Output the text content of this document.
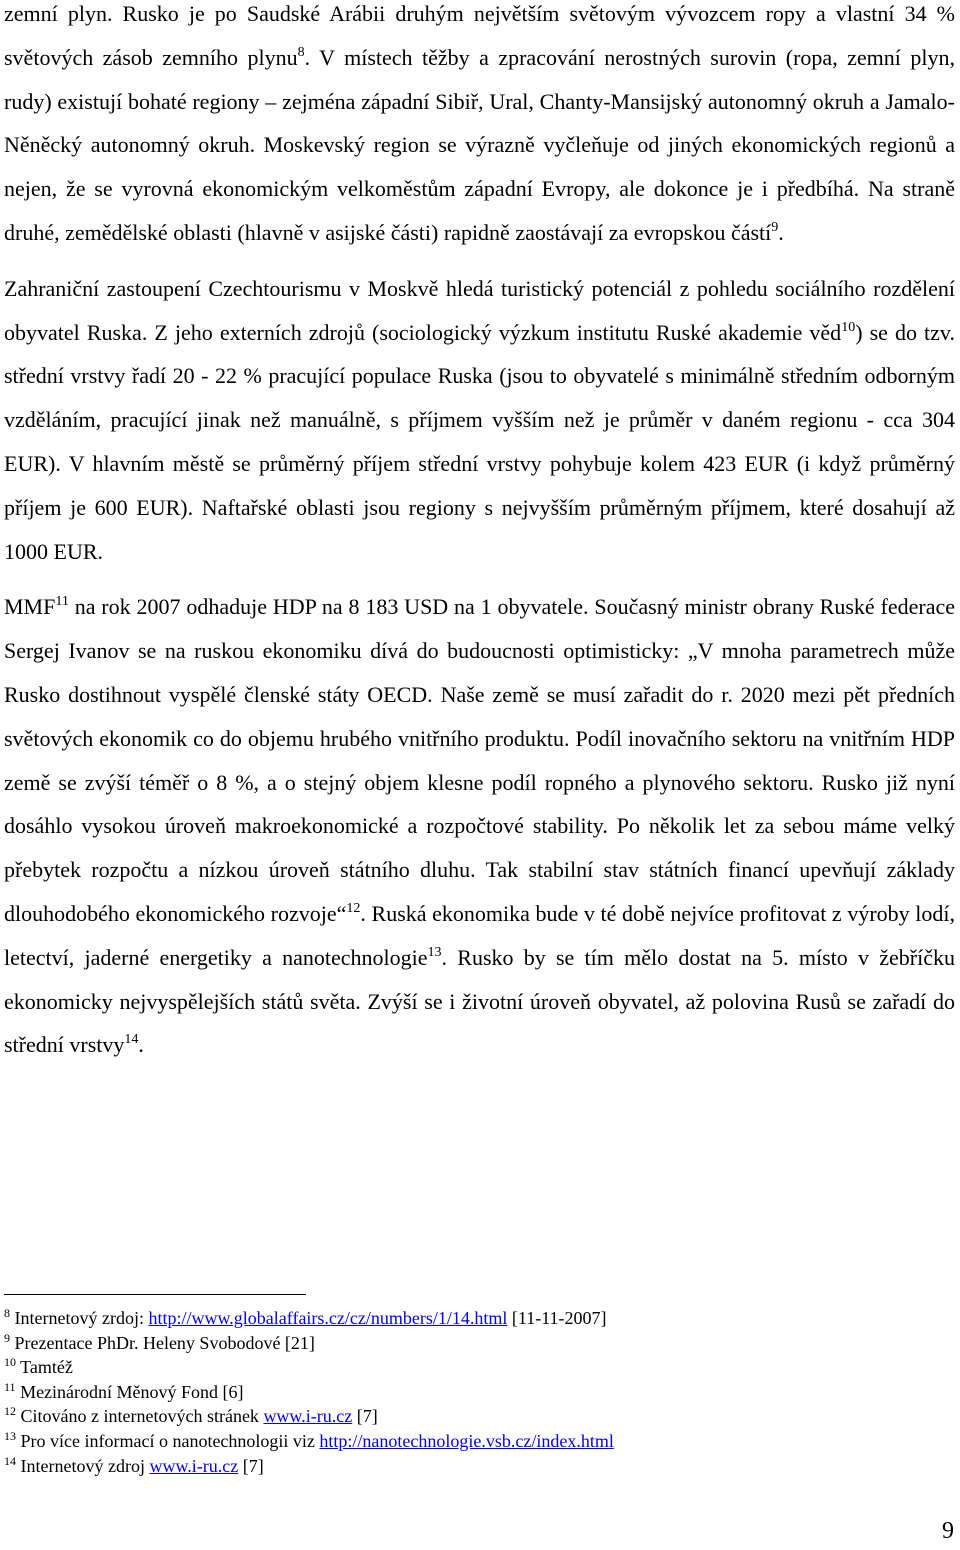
zemní plyn. Rusko je po Saudské Arábii druhým největším světovým vývozcem ropy a vlastní 34 % světových zásob zemního plynu$^8$. V místech těžby a zpracování nerostných surovin (ropa, zemní plyn, rudy) existují bohaté regiony – zejména západní Sibiř, Ural, Chanty-Mansijský autonomný okruh a Jamalo-Něněcký autonomný okruh. Moskevský region se výrazně vyčleňuje od jiných ekonomických regionů a nejen, že se vyrovná ekonomickým velkoměstům západní Evropy, ale dokonce je i předbíhá. Na straně druhé, zemědělské oblasti (hlavně v asijské části) rapidně zaostávají za evropskou částí$^9$.

Zahraniční zastoupení Czechtourismu v Moskvě hledá turistický potenciál z pohledu sociálního rozdělení obyvatel Ruska. Z jeho externích zdrojů (sociologický výzkum institutu Ruské akademie věd$^{10}$) se do tzv. střední vrstvy řadí 20 - 22 % pracující populace Ruska (jsou to obyvatelé s minimálně středním odborným vzděláním, pracující jinak než manuálně, s příjmem vyšším než je průměr v daném regionu - cca 304 EUR). V hlavním městě se průměrný příjem střední vrstvy pohybuje kolem 423 EUR (i když průměrný příjem je 600 EUR). Naftařské oblasti jsou regiony s nejvyšším průměrným příjmem, které dosahují až 1000 EUR.

MMF$^{11}$ na rok 2007 odhaduje HDP na 8 183 USD na 1 obyvatele. Současný ministr obrany Ruské federace Sergej Ivanov se na ruskou ekonomiku dívá do budoucnosti optimisticky: „V mnoha parametrech může Rusko dostihnout vyspělé členské státy OECD. Naše země se musí zařadit do r. 2020 mezi pět předních světových ekonomik co do objemu hrubého vnitřního produktu. Podíl inovačního sektoru na vnitřním HDP země se zvýší téměř o 8 %, a o stejný objem klesne podíl ropného a plynového sektoru. Rusko již nyní dosáhlo vysokou úroveň makroekonomické a rozpočtové stability. Po několik let za sebou máme velký přebytek rozpočtu a nízkou úroveň státního dluhu. Tak stabilní stav státních financí upevňují základy dlouhodobého ekonomického rozvoje“$^{12}$. Ruská ekonomika bude v té době nejvíce profitovat z výroby lodí, letectví, jaderné energetiky a nanotechnologie$^{13}$. Rusko by se tím mělo dostat na 5. místo v žebříčku ekonomicky nejvyspělejších států světa. Zvýší se i životní úroveň obyvatel, až polovina Rusů se zařadí do střední vrstvy$^{14}$.

$^8$ Internetový zrdoj: http://www.globalaffairs.cz/cz/numbers/1/14.html [11-11-2007]

$^9$ Prezentace PhDr. Heleny Svobodové [21]

$^{10}$ Tamtéž

$^{11}$ Mezinárodní Měnový Fond [6]

$^{12}$ Citováno z internetových stránek www.i-ru.cz [7]

$^{13}$ Pro více informací o nanotechnologii viz http://nanotechnologie.vsb.cz/index.html

$^{14}$ Internetový zdroj www.i-ru.cz [7]

9
